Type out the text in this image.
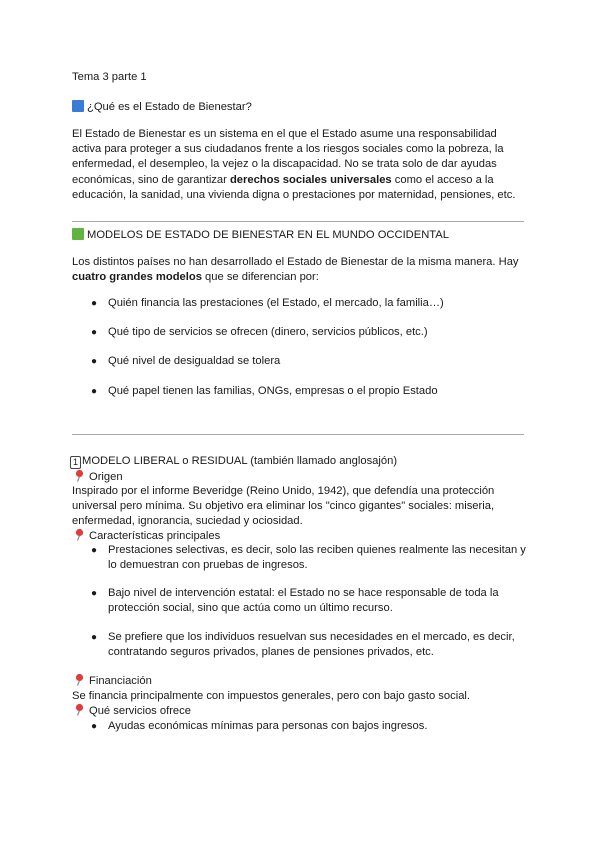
Tema 3 parte 1
¿Qué es el Estado de Bienestar?
El Estado de Bienestar es un sistema en el que el Estado asume una responsabilidad activa para proteger a sus ciudadanos frente a los riesgos sociales como la pobreza, la enfermedad, el desempleo, la vejez o la discapacidad. No se trata solo de dar ayudas económicas, sino de garantizar derechos sociales universales como el acceso a la educación, la sanidad, una vivienda digna o prestaciones por maternidad, pensiones, etc.
MODELOS DE ESTADO DE BIENESTAR EN EL MUNDO OCCIDENTAL
Los distintos países no han desarrollado el Estado de Bienestar de la misma manera. Hay cuatro grandes modelos que se diferencian por:
● Quién financia las prestaciones (el Estado, el mercado, la familia…)
● Qué tipo de servicios se ofrecen (dinero, servicios públicos, etc.)
● Qué nivel de desigualdad se tolera
● Qué papel tienen las familias, ONGs, empresas o el propio Estado
1 MODELO LIBERAL o RESIDUAL (también llamado anglosajón)
Origen
Inspirado por el informe Beveridge (Reino Unido, 1942), que defendía una protección universal pero mínima. Su objetivo era eliminar los "cinco gigantes" sociales: miseria, enfermedad, ignorancia, suciedad y ociosidad.
Características principales
● Prestaciones selectivas, es decir, solo las reciben quienes realmente las necesitan y lo demuestran con pruebas de ingresos.
● Bajo nivel de intervención estatal: el Estado no se hace responsable de toda la protección social, sino que actúa como un último recurso.
● Se prefiere que los individuos resuelvan sus necesidades en el mercado, es decir, contratando seguros privados, planes de pensiones privados, etc.
Financiación
Se financia principalmente con impuestos generales, pero con bajo gasto social.
Qué servicios ofrece
● Ayudas económicas mínimas para personas con bajos ingresos.
